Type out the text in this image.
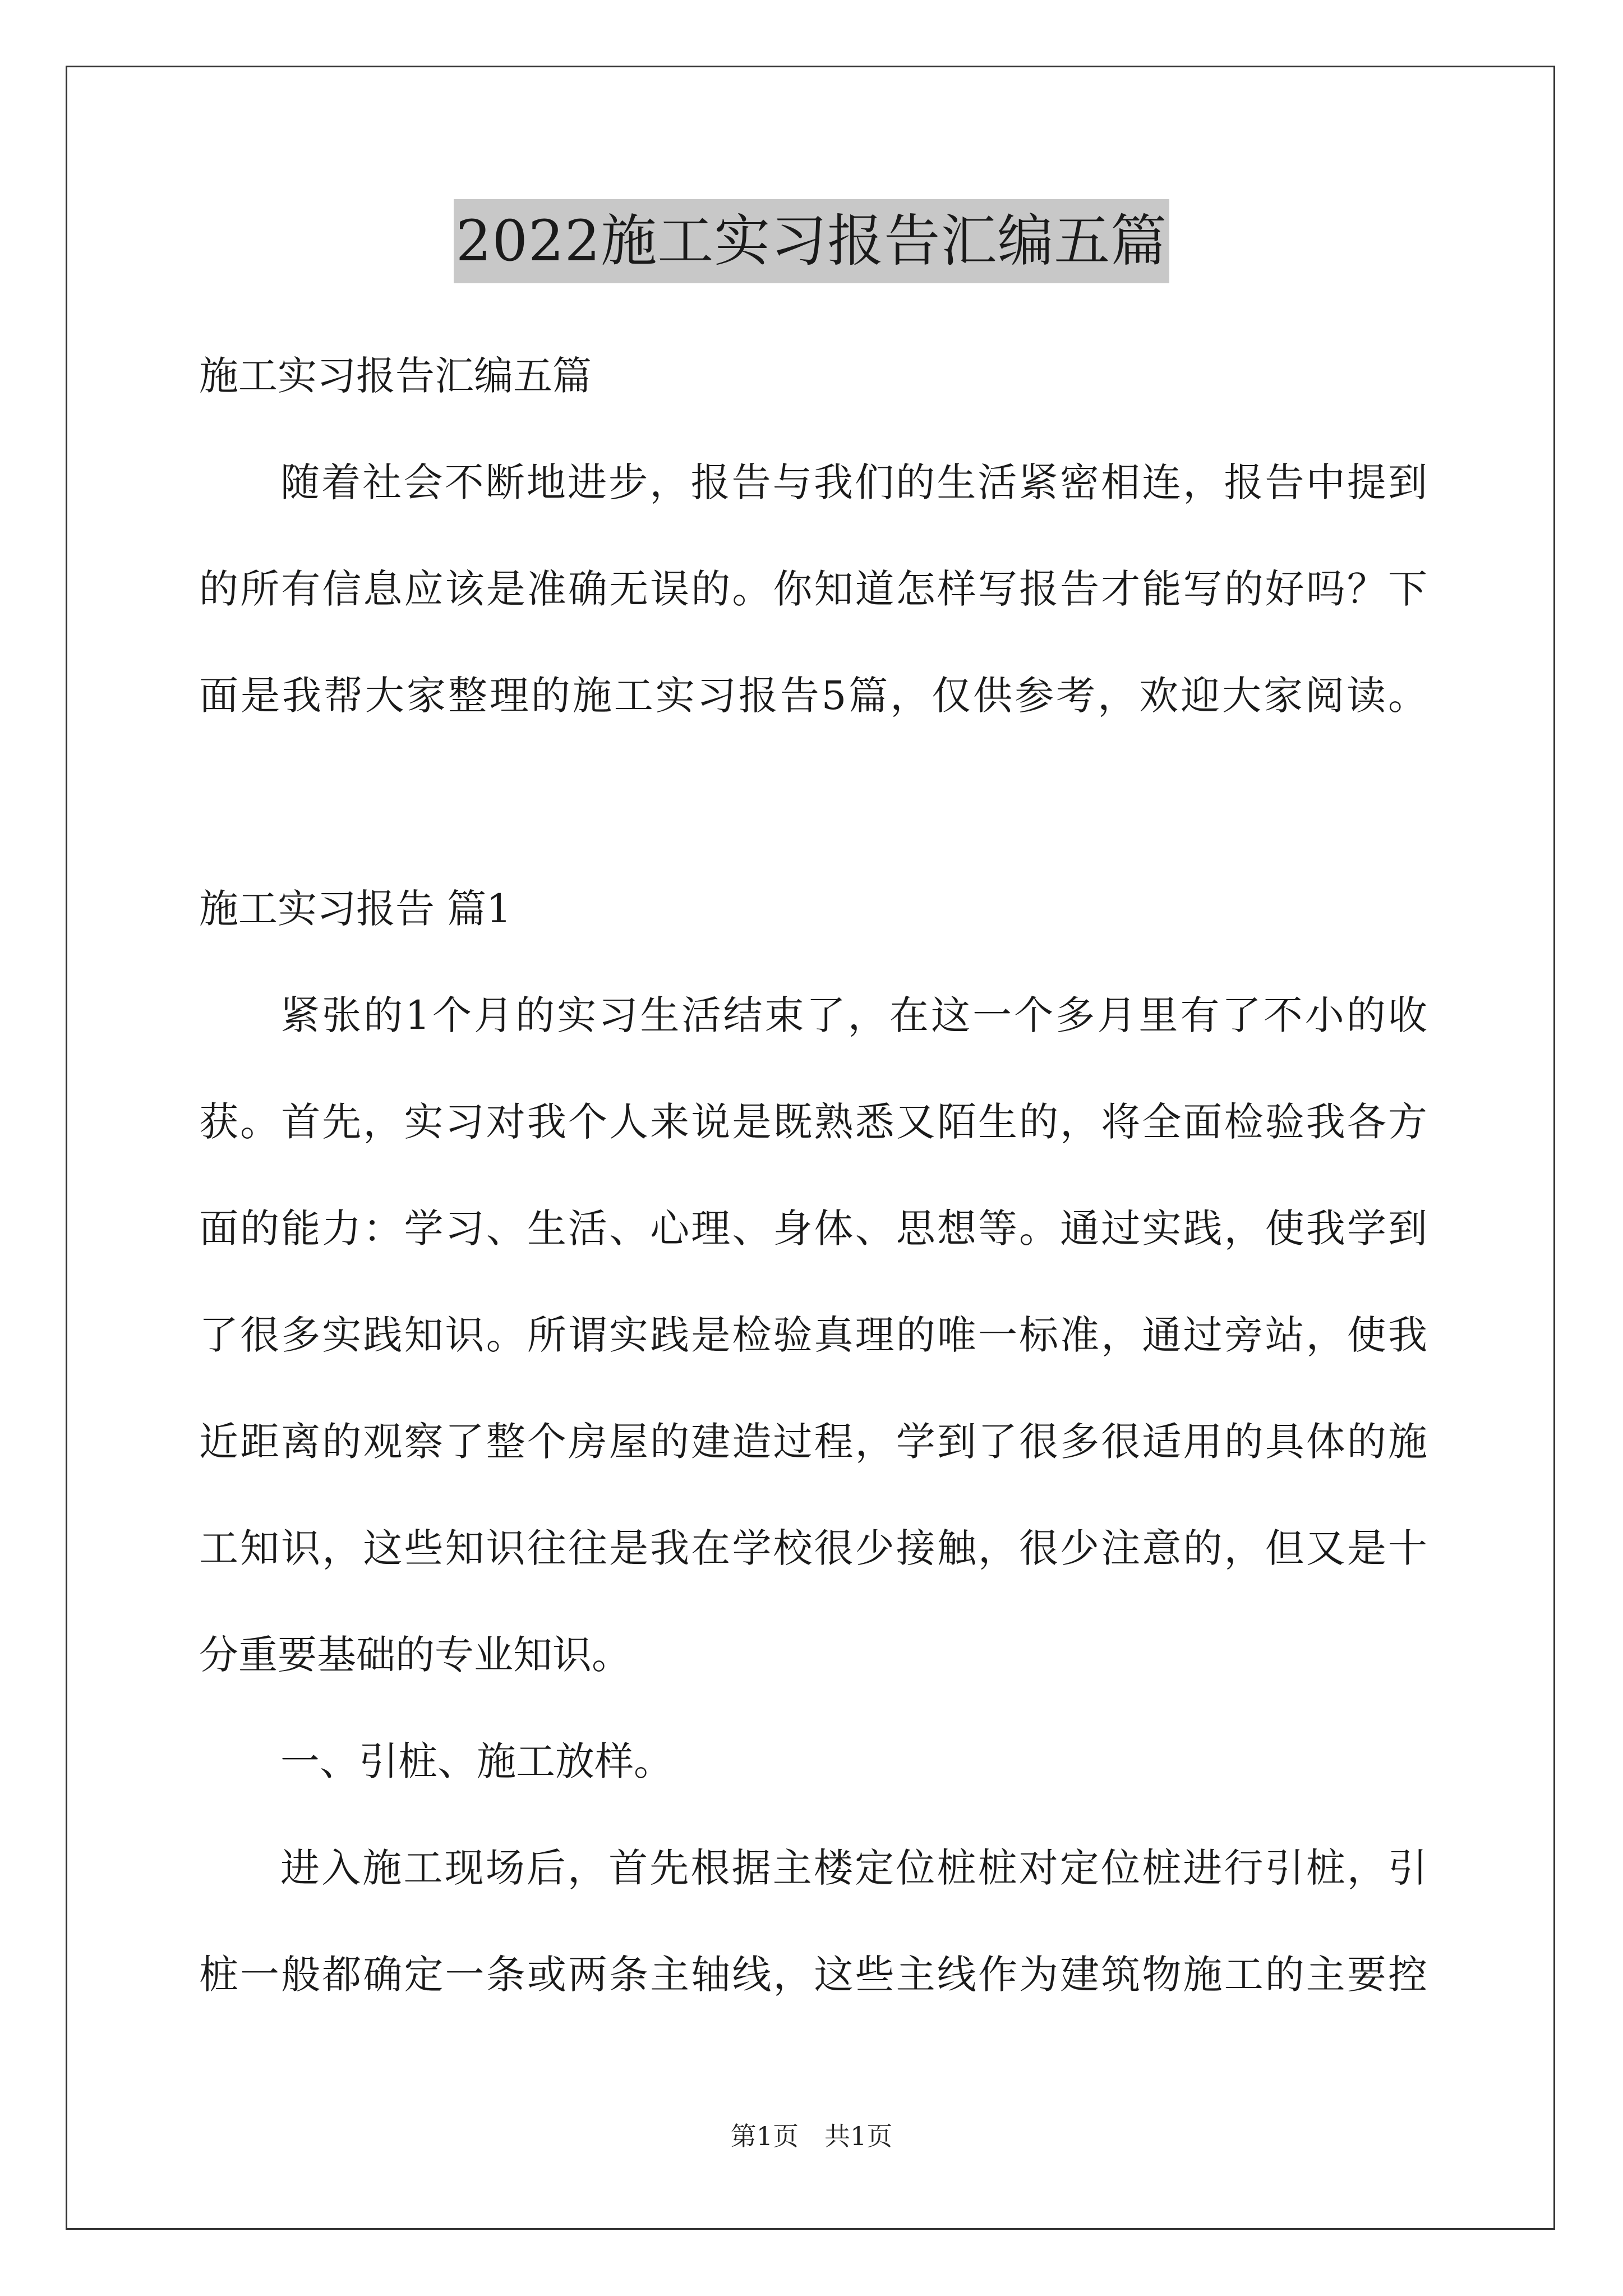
2022施工实习报告汇编五篇
施工实习报告汇编五篇
随着社会不断地进步，报告与我们的生活紧密相连，报告中提到
的所有信息应该是准确无误的。你知道怎样写报告才能写的好吗？下
面是我帮大家整理的施工实习报告5篇，仅供参考，欢迎大家阅读。
施工实习报告 篇1
紧张的1个月的实习生活结束了，在这一个多月里有了不小的收
获。首先，实习对我个人来说是既熟悉又陌生的，将全面检验我各方
面的能力：学习、生活、心理、身体、思想等。通过实践，使我学到
了很多实践知识。所谓实践是检验真理的唯一标准，通过旁站，使我
近距离的观察了整个房屋的建造过程，学到了很多很适用的具体的施
工知识，这些知识往往是我在学校很少接触，很少注意的，但又是十
分重要基础的专业知识。
一、引桩、施工放样。
进入施工现场后，首先根据主楼定位桩桩对定位桩进行引桩，引
桩一般都确定一条或两条主轴线，这些主线作为建筑物施工的主要控
第1页　共1页
